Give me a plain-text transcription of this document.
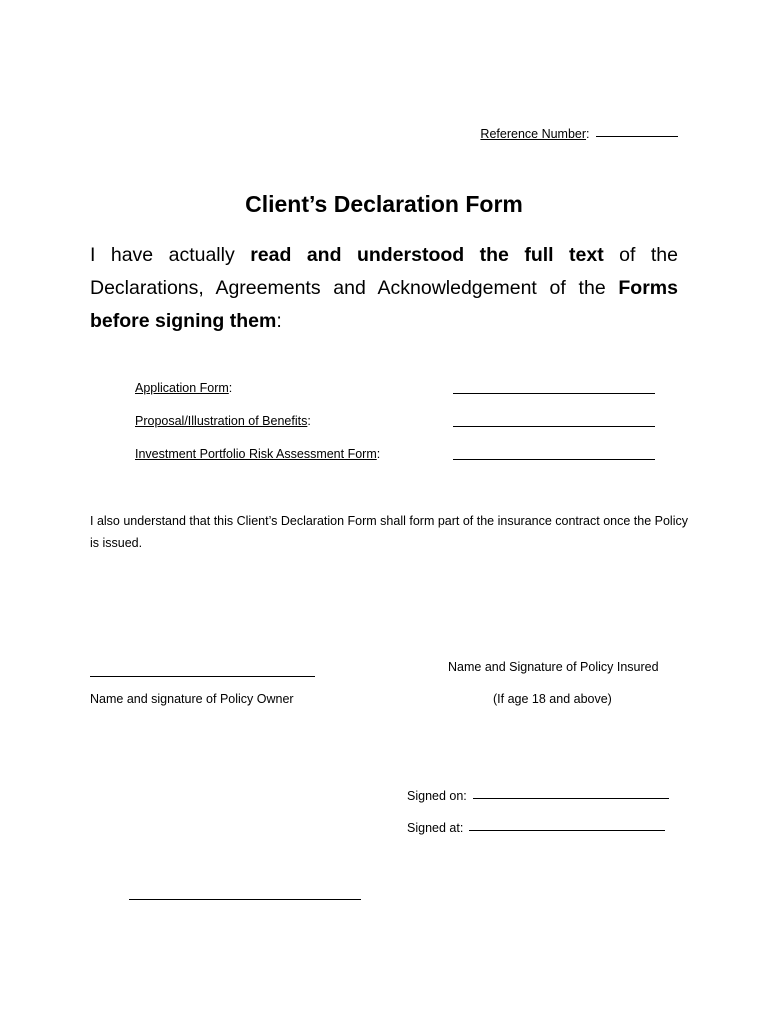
Reference Number:
Client’s Declaration Form
I have actually read and understood the full text of the Declarations, Agreements and Acknowledgement of the Forms before signing them:
Application Form:
Proposal/Illustration of Benefits:
Investment Portfolio Risk Assessment Form:
I also understand that this Client’s Declaration Form shall form part of the insurance contract once the Policy is issued.
Name and signature of Policy Owner
Name and Signature of Policy Insured
(If age 18 and above)
Signed on:
Signed at:
